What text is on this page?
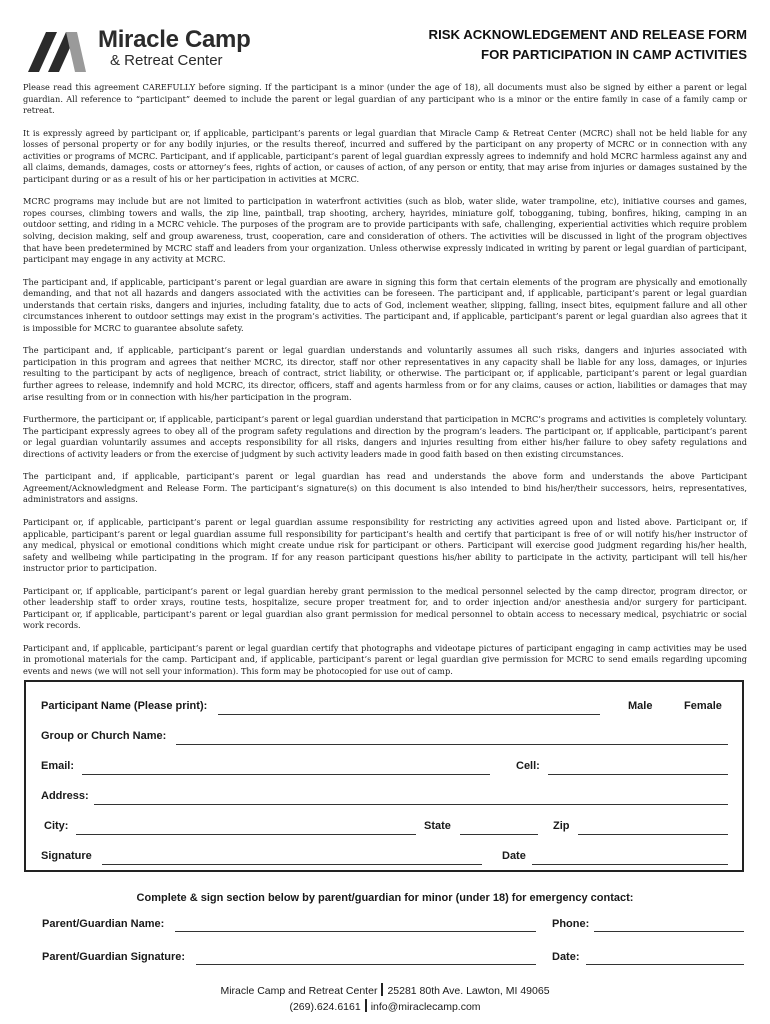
Miracle Camp
& Retreat Center
RISK ACKNOWLEDGEMENT AND RELEASE FORM
FOR PARTICIPATION IN CAMP ACTIVITIES

Please read this agreement CAREFULLY before signing. If the participant is a minor (under the age of 18), all documents must also be signed by either a parent or legal guardian. All reference to “participant” deemed to include the parent or legal guardian of any participant who is a minor or the entire family in case of a family camp or retreat.

It is expressly agreed by participant or, if applicable, participant’s parents or legal guardian that Miracle Camp & Retreat Center (MCRC) shall not be held liable for any losses of personal property or for any bodily injuries, or the results thereof, incurred and suffered by the participant on any property of MCRC or in connection with any activities or programs of MCRC. Participant, and if applicable, participant’s parent of legal guardian expressly agrees to indemnify and hold MCRC harmless against any and all claims, demands, damages, costs or attorney’s fees, rights of action, or causes of action, of any person or entity, that may arise from injuries or damages sustained by the participant during or as a result of his or her participation in activities at MCRC.

MCRC programs may include but are not limited to participation in waterfront activities (such as blob, water slide, water trampoline, etc), initiative courses and games, ropes courses, climbing towers and walls, the zip line, paintball, trap shooting, archery, hayrides, miniature golf, tobogganing, tubing, bonfires, hiking, camping in an outdoor setting, and riding in a MCRC vehicle. The purposes of the program are to provide participants with safe, challenging, experiential activities which require problem solving, decision making, self and group awareness, trust, cooperation, care and consideration of others. The activities will be discussed in light of the program objectives that have been predetermined by MCRC staff and leaders from your organization. Unless otherwise expressly indicated in writing by parent or legal guardian of participant, participant may engage in any activity at MCRC.

The participant and, if applicable, participant’s parent or legal guardian are aware in signing this form that certain elements of the program are physically and emotionally demanding, and that not all hazards and dangers associated with the activities can be foreseen. The participant and, if applicable, participant’s parent or legal guardian understands that certain risks, dangers and injuries, including fatality, due to acts of God, inclement weather, slipping, falling, insect bites, equipment failure and all other circumstances inherent to outdoor settings may exist in the program’s activities. The participant and, if applicable, participant’s parent or legal guardian also agrees that it is impossible for MCRC to guarantee absolute safety.

The participant and, if applicable, participant’s parent or legal guardian understands and voluntarily assumes all such risks, dangers and injuries associated with participation in this program and agrees that neither MCRC, its director, staff nor other representatives in any capacity shall be liable for any loss, damages, or injuries resulting to the participant by acts of negligence, breach of contract, strict liability, or otherwise. The participant or, if applicable, participant’s parent or legal guardian further agrees to release, indemnify and hold MCRC, its director, officers, staff and agents harmless from or for any claims, causes or action, liabilities or damages that may arise resulting from or in connection with his/her participation in the program.

Furthermore, the participant or, if applicable, participant’s parent or legal guardian understand that participation in MCRC’s programs and activities is completely voluntary. The participant expressly agrees to obey all of the program safety regulations and direction by the program’s leaders. The participant or, if applicable, participant’s parent or legal guardian voluntarily assumes and accepts responsibility for all risks, dangers and injuries resulting from either his/her failure to obey safety regulations and directions of activity leaders or from the exercise of judgment by such activity leaders made in good faith based on then existing circumstances.

The participant and, if applicable, participant’s parent or legal guardian has read and understands the above form and understands the above Participant Agreement/Acknowledgment and Release Form. The participant’s signature(s) on this document is also intended to bind his/her/their successors, heirs, representatives, administrators and assigns.

Participant or, if applicable, participant’s parent or legal guardian assume responsibility for restricting any activities agreed upon and listed above. Participant or, if applicable, participant’s parent or legal guardian assume full responsibility for participant’s health and certify that participant is free of or will notify his/her instructor of any medical, physical or emotional conditions which might create undue risk for participant or others. Participant will exercise good judgment regarding his/her health, safety and wellbeing while participating in the program. If for any reason participant questions his/her ability to participate in the activity, participant will tell his/her instructor prior to participation.

Participant or, if applicable, participant’s parent or legal guardian hereby grant permission to the medical personnel selected by the camp director, program director, or other leadership staff to order xrays, routine tests, hospitalize, secure proper treatment for, and to order injection and/or anesthesia and/or surgery for participant. Participant or, if applicable, participant’s parent or legal guardian also grant permission for medical personnel to obtain access to necessary medical, psychiatric or social work records.

Participant and, if applicable, participant’s parent or legal guardian certify that photographs and videotape pictures of participant engaging in camp activities may be used in promotional materials for the camp. Participant and, if applicable, participant’s parent or legal guardian give permission for MCRC to send emails regarding upcoming events and news (we will not sell your information). This form may be photocopied for use out of camp.

Participant Name (Please print):	Male	Female
Group or Church Name:
Email:	Cell:
Address:
City:	State	Zip
Signature	Date
Complete & sign section below by parent/guardian for minor (under 18) for emergency contact:
Parent/Guardian Name:	Phone:
Parent/Guardian Signature:	Date:
Miracle Camp and Retreat Center 25281 80th Ave. Lawton, MI 49065
(269).624.6161 info@miraclecamp.com
